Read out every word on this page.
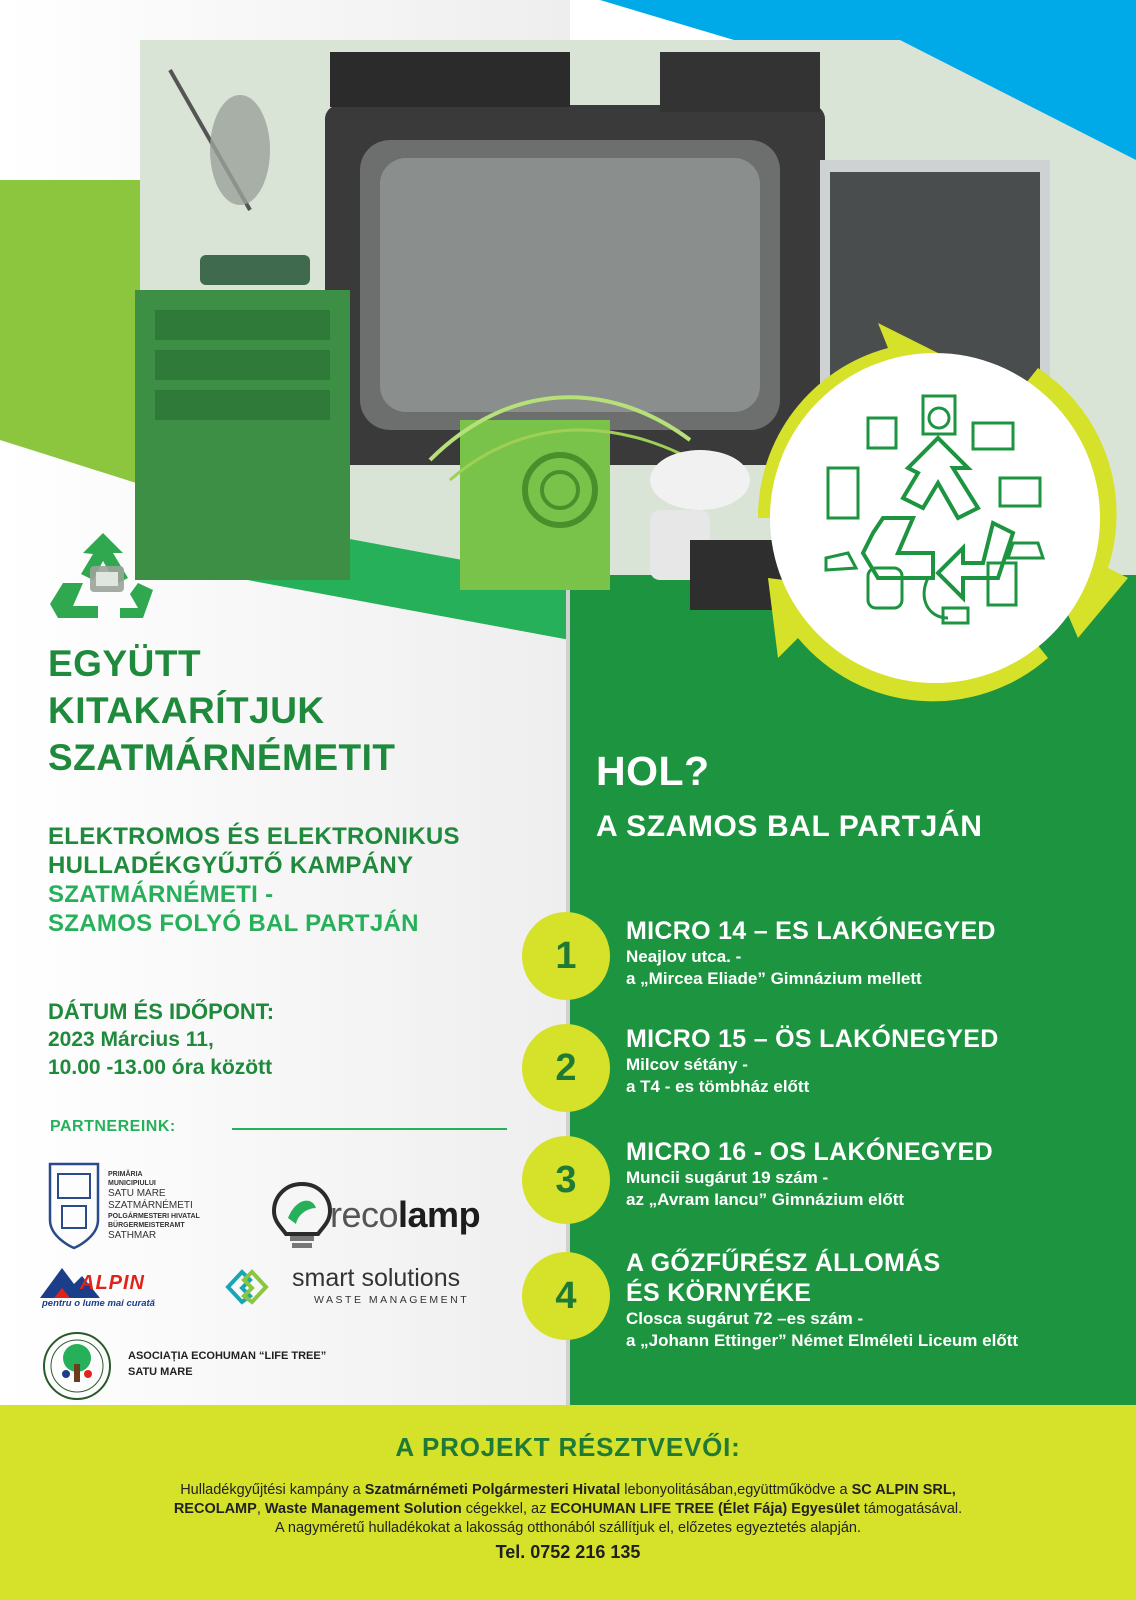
EGYÜTT
KITAKARÍTJUK
SZATMÁRNÉMETIT
ELEKTROMOS ÉS ELEKTRONIKUS
HULLADÉKGYŰJTŐ KAMPÁNY
SZATMÁRNÉMETI -
SZAMOS FOLYÓ BAL PARTJÁN
DÁTUM ÉS IDŐPONT:
2023 Március 11,
10.00 -13.00 óra között
PARTNEREINK:
PRIMĂRIA
MUNICIPIULUI
SATU MARE
SZATMÁRNÉMETI
POLGÁRMESTERI HIVATAL
BÜRGERMEISTERAMT
SATHMAR
recolamp
ALPIN
pentru o lume mai curată
smart solutions
WASTE MANAGEMENT
ASOCIAȚIA ECOHUMAN “LIFE TREE”
SATU MARE
HOL?
A SZAMOS BAL PARTJÁN
1
MICRO 14 – ES LAKÓNEGYED
Neajlov utca. -
a „Mircea Eliade” Gimnázium mellett
2
MICRO 15 – ÖS LAKÓNEGYED
Milcov sétány -
a T4 - es tömbház előtt
3
MICRO 16 - OS LAKÓNEGYED
Muncii sugárut 19 szám -
az „Avram Iancu” Gimnázium előtt
4
A GŐZFŰRÉSZ ÁLLOMÁS
ÉS KÖRNYÉKE
Closca sugárut 72 –es szám -
a „Johann Ettinger” Német Elméleti Liceum előtt
A PROJEKT RÉSZTVEVŐI:
Hulladékgyűjtési kampány a Szatmárnémeti Polgármesteri Hivatal lebonyolitásában,együttműködve a SC ALPIN SRL,
RECOLAMP, Waste Management Solution cégekkel, az ECOHUMAN LIFE TREE (Élet Fája) Egyesület támogatásával.
A nagyméretű hulladékokat a lakosság otthonából szállítjuk el, előzetes egyeztetés alapján.
Tel. 0752 216 135
